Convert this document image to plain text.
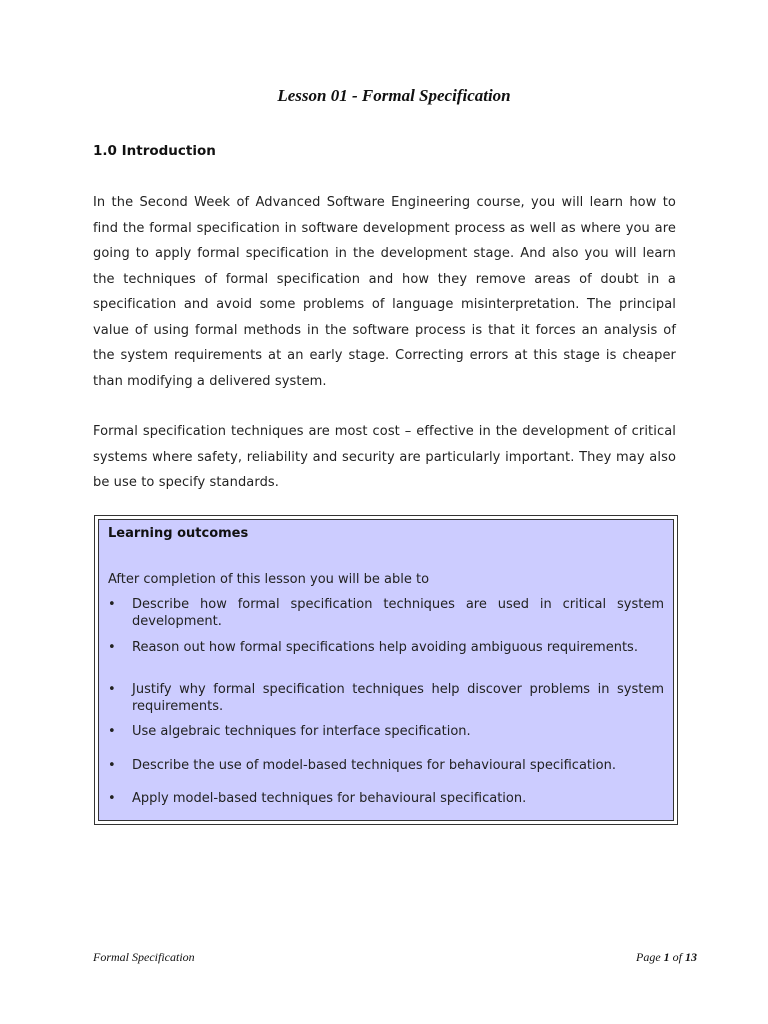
Lesson 01 - Formal Specification
1.0 Introduction

In the Second Week of Advanced Software Engineering course, you will learn how to find the formal specification in software development process as well as where you are going to apply formal specification in the development stage. And also you will learn the techniques of formal specification and how they remove areas of doubt in a specification and avoid some problems of language misinterpretation. The principal value of using formal methods in the software process is that it forces an analysis of the system requirements at an early stage. Correcting errors at this stage is cheaper than modifying a delivered system.

Formal specification techniques are most cost – effective in the development of critical systems where safety, reliability and security are particularly important. They may also be use to specify standards.

Learning outcomes
After completion of this lesson you will be able to
•	Describe how formal specification techniques are used in critical system development.
•	Reason out how formal specifications help avoiding ambiguous requirements.
•	Justify why formal specification techniques help discover problems in system requirements.
•	Use algebraic techniques for interface specification.
•	Describe the use of model-based techniques for behavioural specification.
•	Apply model-based techniques for behavioural specification.
Formal Specification	Page 1 of 13
